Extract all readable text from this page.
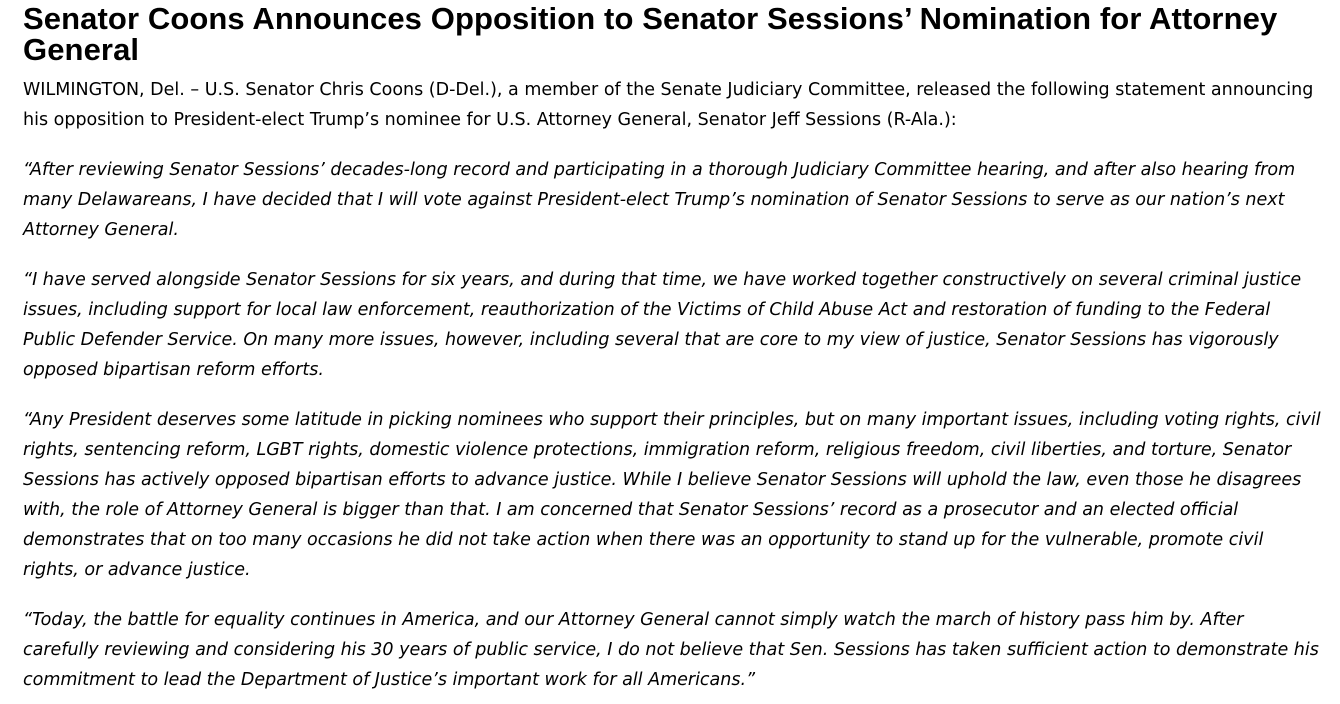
Senator Coons Announces Opposition to Senator Sessions’ Nomination for Attorney General

WILMINGTON, Del. – U.S. Senator Chris Coons (D-Del.), a member of the Senate Judiciary Committee, released the following statement announcing his opposition to President-elect Trump’s nominee for U.S. Attorney General, Senator Jeff Sessions (R-Ala.):

“After reviewing Senator Sessions’ decades-long record and participating in a thorough Judiciary Committee hearing, and after also hearing from many Delawareans, I have decided that I will vote against President-elect Trump’s nomination of Senator Sessions to serve as our nation’s next Attorney General.

“I have served alongside Senator Sessions for six years, and during that time, we have worked together constructively on several criminal justice issues, including support for local law enforcement, reauthorization of the Victims of Child Abuse Act and restoration of funding to the Federal Public Defender Service. On many more issues, however, including several that are core to my view of justice, Senator Sessions has vigorously opposed bipartisan reform efforts.

“Any President deserves some latitude in picking nominees who support their principles, but on many important issues, including voting rights, civil rights, sentencing reform, LGBT rights, domestic violence protections, immigration reform, religious freedom, civil liberties, and torture, Senator Sessions has actively opposed bipartisan efforts to advance justice. While I believe Senator Sessions will uphold the law, even those he disagrees with, the role of Attorney General is bigger than that. I am concerned that Senator Sessions’ record as a prosecutor and an elected official demonstrates that on too many occasions he did not take action when there was an opportunity to stand up for the vulnerable, promote civil rights, or advance justice.

“Today, the battle for equality continues in America, and our Attorney General cannot simply watch the march of history pass him by. After carefully reviewing and considering his 30 years of public service, I do not believe that Sen. Sessions has taken sufficient action to demonstrate his commitment to lead the Department of Justice’s important work for all Americans.”
